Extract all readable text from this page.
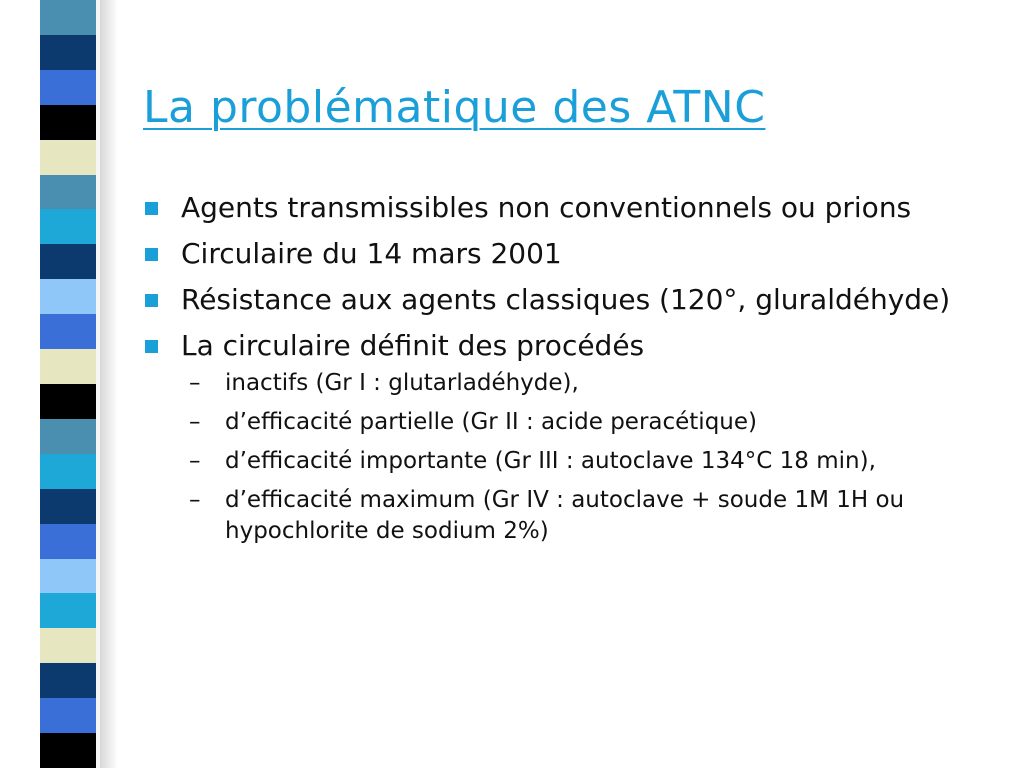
La problématique des ATNC
Agents transmissibles non conventionnels ou prions
Circulaire du 14 mars 2001
Résistance aux agents classiques (120°, gluraldéhyde)
La circulaire définit des procédés
–	inactifs (Gr I : glutarladéhyde),
–	d’efficacité partielle (Gr II : acide peracétique)
–	d’efficacité importante (Gr III : autoclave 134°C 18 min),
–	d’efficacité maximum (Gr IV : autoclave + soude 1M 1H ou hypochlorite de sodium 2%)
